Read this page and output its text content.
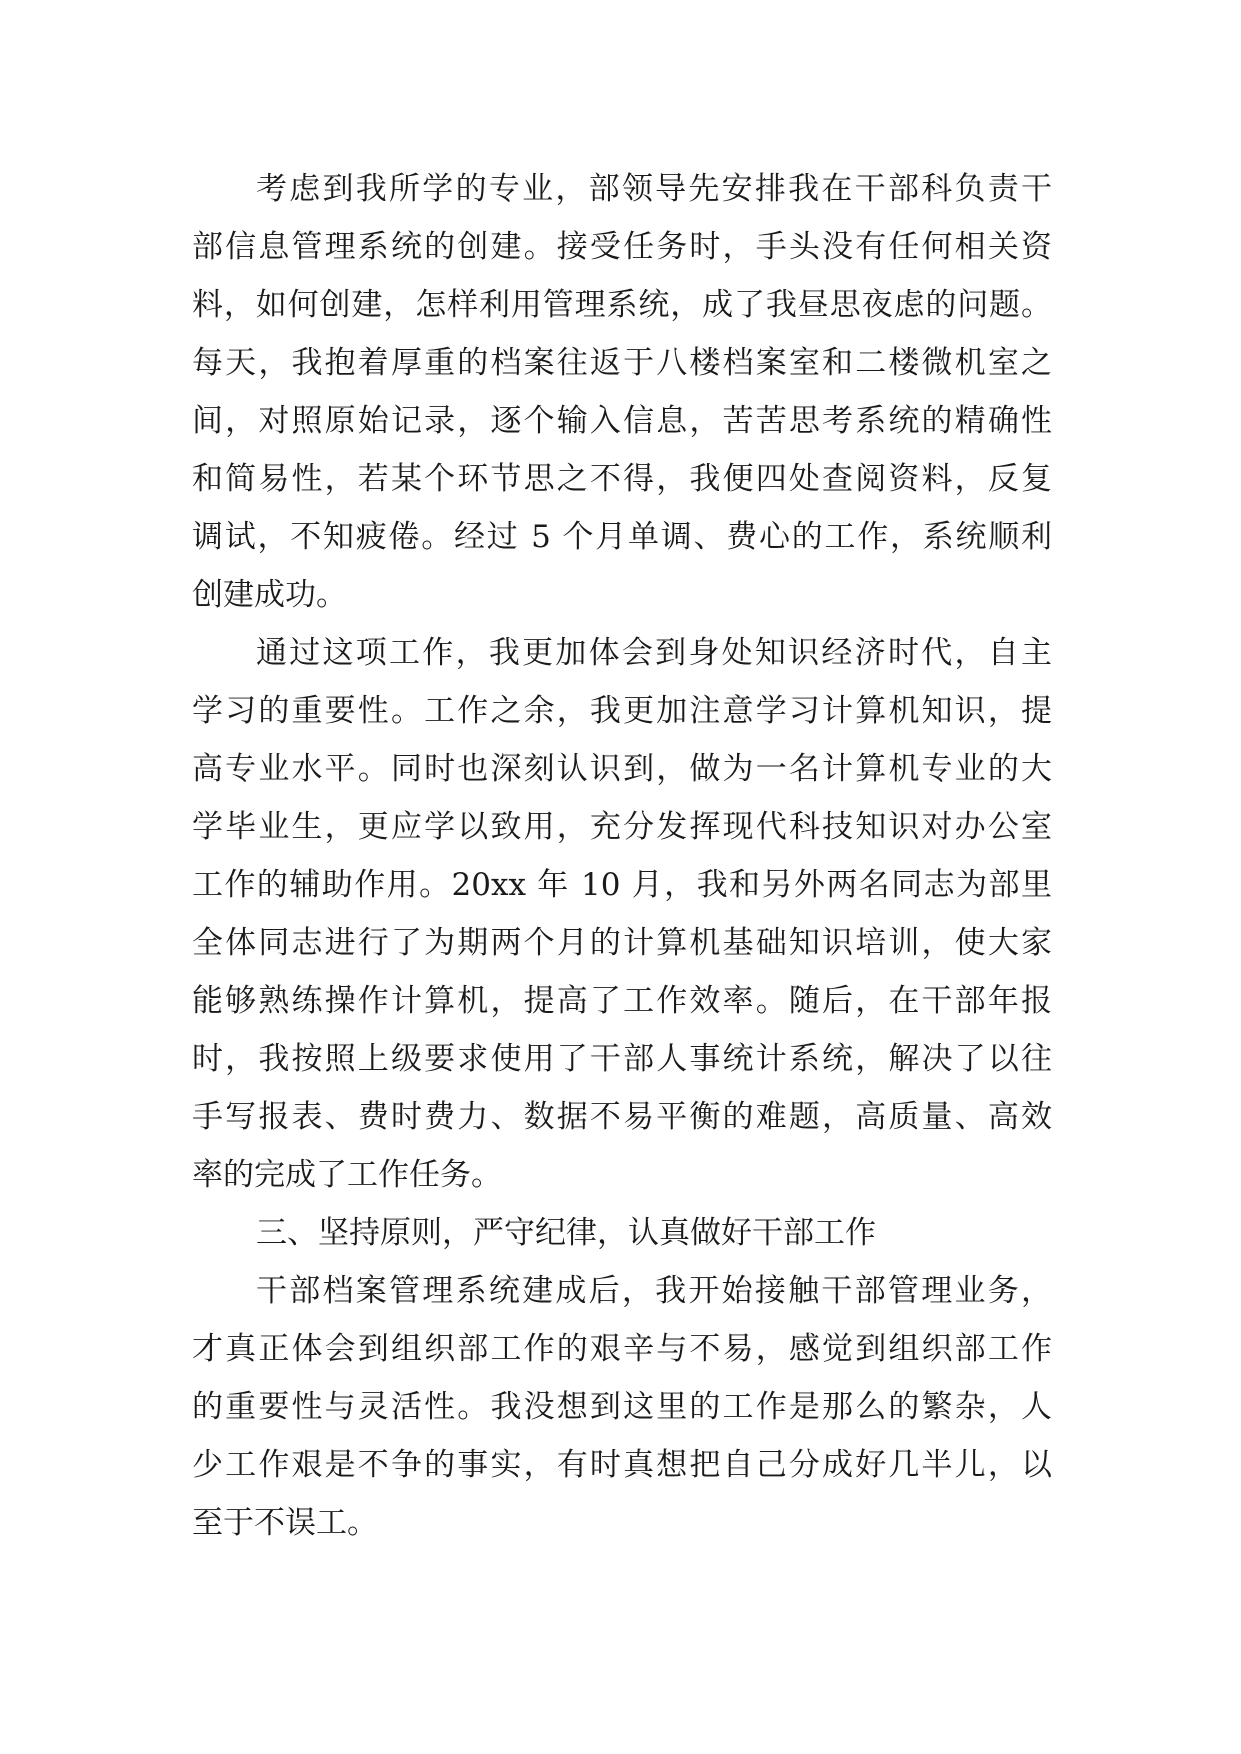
考虑到我所学的专业，部领导先安排我在干部科负责干
部信息管理系统的创建。接受任务时，手头没有任何相关资
料，如何创建，怎样利用管理系统，成了我昼思夜虑的问题。
每天，我抱着厚重的档案往返于八楼档案室和二楼微机室之
间，对照原始记录，逐个输入信息，苦苦思考系统的精确性
和简易性，若某个环节思之不得，我便四处查阅资料，反复
调试，不知疲倦。经过 5 个月单调、费心的工作，系统顺利
创建成功。
通过这项工作，我更加体会到身处知识经济时代，自主
学习的重要性。工作之余，我更加注意学习计算机知识，提
高专业水平。同时也深刻认识到，做为一名计算机专业的大
学毕业生，更应学以致用，充分发挥现代科技知识对办公室
工作的辅助作用。20xx 年 10 月，我和另外两名同志为部里
全体同志进行了为期两个月的计算机基础知识培训，使大家
能够熟练操作计算机，提高了工作效率。随后，在干部年报
时，我按照上级要求使用了干部人事统计系统，解决了以往
手写报表、费时费力、数据不易平衡的难题，高质量、高效
率的完成了工作任务。
三、坚持原则，严守纪律，认真做好干部工作
干部档案管理系统建成后，我开始接触干部管理业务，
才真正体会到组织部工作的艰辛与不易，感觉到组织部工作
的重要性与灵活性。我没想到这里的工作是那么的繁杂，人
少工作艰是不争的事实，有时真想把自己分成好几半儿，以
至于不误工。
